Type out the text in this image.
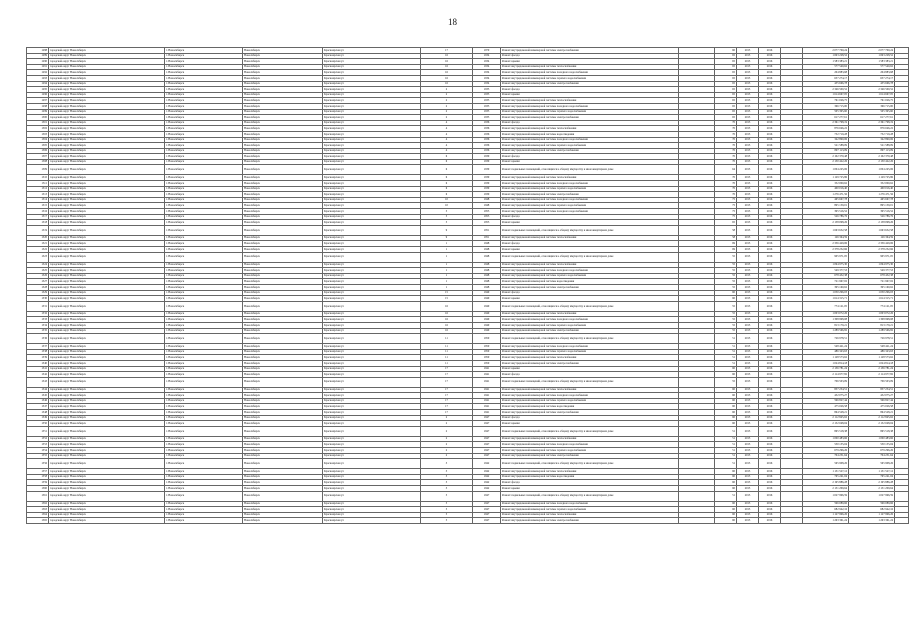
18
1288	городской округ Новосибирск	г. Новосибирск	Новосибирск	Красноярская ул	17	1970	Ремонт внутридомовой инженерной системы электроснабжения		60	2015	2016		2 077 700,24	2 077 700,24	
1289	городской округ Новосибирск	г. Новосибирск	Новосибирск	Красноярская ул	16	1934	Ремонт фасада		65	2015	2016		1 693 228,52	1 693 228,52	
1290	городской округ Новосибирск	г. Новосибирск	Новосибирск	Красноярская ул	16	1934	Ремонт крыши		65	2015	2016		1 583 383,21	1 583 383,21	
1291	городской округ Новосибирск	г. Новосибирск	Новосибирск	Красноярская ул	16	1934	Ремонт внутридомовой инженерной системы теплоснабжения		65	2015	2016		577 540,62	577 540,62	
1292	городской округ Новосибирск	г. Новосибирск	Новосибирск	Красноярская ул	16	1934	Ремонт внутридомовой инженерной системы холодного водоснабжения		65	2015	2016		204 883,68	204 883,68	
1293	городской округ Новосибирск	г. Новосибирск	Новосибирск	Красноярская ул	16	1934	Ремонт внутридомовой инженерной системы горячего водоснабжения		65	2015	2016		657 274,17	657 274,17	
1294	городской округ Новосибирск	г. Новосибирск	Новосибирск	Красноярская ул	16	1934	Ремонт внутридомовой инженерной системы электроснабжения		65	2015	2016		455 666,78	455 666,78	
1295	городской округ Новосибирск	г. Новосибирск	Новосибирск	Красноярская ул	2	1935	Ремонт фасада		65	2015	2016		2 346 500,52	2 346 500,52	
1296	городской округ Новосибирск	г. Новосибирск	Новосибирск	Красноярская ул	2	1935	Ремонт крыши		65	2015	2016		1 614 667,05	1 614 667,05	
1297	городской округ Новосибирск	г. Новосибирск	Новосибирск	Красноярская ул	2	1935	Ремонт внутридомовой инженерной системы теплоснабжения		65	2015	2016		761 026,75	761 026,75	
1298	городской округ Новосибирск	г. Новосибирск	Новосибирск	Красноярская ул	2	1935	Ремонт внутридомовой инженерной системы холодного водоснабжения		65	2015	2016		366 715,00	366 715,00	
1299	городской округ Новосибирск	г. Новосибирск	Новосибирск	Красноярская ул	2	1935	Ремонт внутридомовой инженерной системы горячего водоснабжения		65	2015	2016		505 395,60	505 395,60	
1300	городской округ Новосибирск	г. Новосибирск	Новосибирск	Красноярская ул	2	1935	Ремонт внутридомовой инженерной системы электроснабжения		65	2015	2016		617 277,61	617 277,61	
1301	городской округ Новосибирск	г. Новосибирск	Новосибирск	Красноярская ул	4	1936	Ремонт фасада		70	2015	2016		2 361 798,19	2 361 798,19	
1302	городской округ Новосибирск	г. Новосибирск	Новосибирск	Красноярская ул	4	1936	Ремонт внутридомовой инженерной системы теплоснабжения		70	2015	2016		876 046,22	876 046,22	
1303	городской округ Новосибирск	г. Новосибирск	Новосибирск	Красноярская ул	4	1936	Ремонт внутридомовой инженерной системы водоотведения		70	2015	2016		752 719,28	752 719,28	
1304	городской округ Новосибирск	г. Новосибирск	Новосибирск	Красноярская ул	4	1936	Ремонт внутридомовой инженерной системы холодного водоснабжения		70	2015	2016		342 890,06	342 890,06	
1305	городской округ Новосибирск	г. Новосибирск	Новосибирск	Красноярская ул	4	1936	Ремонт внутридомовой инженерной системы горячего водоснабжения		70	2015	2016		521 588,09	521 588,09	
1306	городской округ Новосибирск	г. Новосибирск	Новосибирск	Красноярская ул	4	1936	Ремонт внутридомовой инженерной системы электроснабжения		70	2015	2016		897 113,09	897 113,09	
1307	городской округ Новосибирск	г. Новосибирск	Новосибирск	Красноярская ул	6	1939	Ремонт фасада		70	2015	2016		2 102 370,48	2 102 370,48	
1308	городской округ Новосибирск	г. Новосибирск	Новосибирск	Красноярская ул	6	1939	Ремонт крыши		70	2015	2016		2 130 422,26	2 130 422,26	
1309	городской округ Новосибирск	г. Новосибирск	Новосибирск	Красноярская ул	6	1939	Ремонт подвальных помещений, относящихся к общему имуществу в многоквартирном доме		64	2015	2016		1 004 245,06	1 004 245,06	
1310	городской округ Новосибирск	г. Новосибирск	Новосибирск	Красноярская ул	6	1939	Ремонт внутридомовой инженерной системы теплоснабжения		70	2015	2016		1 129 725,86	1 129 725,86	
1311	городской округ Новосибирск	г. Новосибирск	Новосибирск	Красноярская ул	6	1939	Ремонт внутридомовой инженерной системы холодного водоснабжения		70	2015	2016		352 000,62	352 000,62	
1312	городской округ Новосибирск	г. Новосибирск	Новосибирск	Красноярская ул	6	1939	Ремонт внутридомовой инженерной системы горячего водоснабжения		70	2015	2016		400 016,40	400 016,40	
1313	городской округ Новосибирск	г. Новосибирск	Новосибирск	Красноярская ул	6	1939	Ремонт внутридомовой инженерной системы электроснабжения		70	2015	2016		1 276 471,56	1 276 471,56	
1314	городской округ Новосибирск	г. Новосибирск	Новосибирск	Красноярская ул	10	1948	Ремонт внутридомовой инженерной системы холодного водоснабжения		75	2015	2016		465 667,78	465 667,78	
1315	городской округ Новосибирск	г. Новосибирск	Новосибирск	Красноярская ул	10	1948	Ремонт внутридомовой инженерной системы горячего водоснабжения		75	2015	2016		895 159,01	895 159,01	
1316	городской округ Новосибирск	г. Новосибирск	Новосибирск	Красноярская ул	5	1955	Ремонт внутридомовой инженерной системы холодного водоснабжения		75	2015	2016		395 516,52	395 516,52	
1317	городской округ Новосибирск	г. Новосибирск	Новосибирск	Красноярская ул	5	1955	Ремонт фасада		75	2015	2016		526 786,76	526 786,76	
1318	городской округ Новосибирск	г. Новосибирск	Новосибирск	Красноярская ул	5	1955	Ремонт крыши		65	2015	2016		2 158 098,26	2 158 098,26	
1319	городской округ Новосибирск	г. Новосибирск	Новосибирск	Красноярская ул	9	1951	Ремонт подвальных помещений, относящихся к общему имуществу в многоквартирном доме		58	2015	2016		1 663 632,58	1 663 632,58	
1320	городской округ Новосибирск	г. Новосибирск	Новосибирск	Красноярская ул	9	1951	Ремонт внутридомовой инженерной системы теплоснабжения		58	2015	2016		126 364,59	126 364,59	
1321	городской округ Новосибирск	г. Новосибирск	Новосибирск	Красноярская ул	1	1948	Ремонт фасада		69	2015	2016		2 356 429,06	2 356 429,06	
1322	городской округ Новосибирск	г. Новосибирск	Новосибирск	Красноярская ул	1	1948	Ремонт крыши		69	2015	2016		2 378 232,66	2 378 232,66	
1323	городской округ Новосибирск	г. Новосибирск	Новосибирск	Красноярская ул	1	1948	Ремонт подвальных помещений, относящихся к общему имуществу в многоквартирном доме		55	2015	2016		905 971,05	905 971,05	
1324	городской округ Новосибирск	г. Новосибирск	Новосибирск	Красноярская ул	1	1948	Ремонт внутридомовой инженерной системы теплоснабжения		55	2015	2016		1 094 975,30	1 094 975,30	
1325	городской округ Новосибирск	г. Новосибирск	Новосибирск	Красноярская ул	1	1948	Ремонт внутридомовой инженерной системы холодного водоснабжения		55	2015	2016		549 377,53	549 377,53	
1326	городской округ Новосибирск	г. Новосибирск	Новосибирск	Красноярская ул	1	1948	Ремонт внутридомовой инженерной системы горячего водоснабжения		55	2015	2016		678 432,38	678 432,38	
1327	городской округ Новосибирск	г. Новосибирск	Новосибирск	Красноярская ул	1	1948	Ремонт внутридомовой инженерной системы водоотведения		55	2015	2016		721 967,02	721 967,02	
1328	городской округ Новосибирск	г. Новосибирск	Новосибирск	Красноярская ул	1	1948	Ремонт внутридомовой инженерной системы электроснабжения		55	2015	2016		395 160,62	395 160,62	
1329	городской округ Новосибирск	г. Новосибирск	Новосибирск	Красноярская ул	15	1949	Ремонт фасада		60	2015	2016		1 050 296,03	1 050 296,03	
1330	городской округ Новосибирск	г. Новосибирск	Новосибирск	Красноярская ул	15	1949	Ремонт крыши		60	2015	2016		1 614 315,71	1 614 315,71	
1331	городской округ Новосибирск	г. Новосибирск	Новосибирск	Красноярская ул	16	1949	Ремонт подвальных помещений, относящихся к общему имуществу в многоквартирном доме		55	2015	2016		774 121,05	774 121,05	
1332	городской округ Новосибирск	г. Новосибирск	Новосибирск	Красноярская ул	16	1949	Ремонт внутридомовой инженерной системы теплоснабжения		55	2015	2016		1 003 072,26	1 003 072,26	
1333	городской округ Новосибирск	г. Новосибирск	Новосибирск	Красноярская ул	16	1949	Ремонт внутридомовой инженерной системы холодного водоснабжения		55	2015	2016		1 308 998,08	1 308 998,08	
1334	городской округ Новосибирск	г. Новосибирск	Новосибирск	Красноярская ул	16	1949	Ремонт внутридомовой инженерной системы горячего водоснабжения		55	2015	2016		813 179,21	813 179,21	
1335	городской округ Новосибирск	г. Новосибирск	Новосибирск	Красноярская ул	16	1949	Ремонт внутридомовой инженерной системы электроснабжения		55	2015	2016		1 289 566,82	1 289 566,82	
1336	городской округ Новосибирск	г. Новосибирск	Новосибирск	Красноярская ул	11	1950	Ремонт подвальных помещений, относящихся к общему имуществу в многоквартирном доме		51	2015	2016		726 978,51	726 978,51	
1337	городской округ Новосибирск	г. Новосибирск	Новосибирск	Красноярская ул	11	1950	Ремонт внутридомовой инженерной системы холодного водоснабжения		51	2015	2016		548 421,24	548 421,24	
1338	городской округ Новосибирск	г. Новосибирск	Новосибирск	Красноярская ул	11	1950	Ремонт внутридомовой инженерной системы горячего водоснабжения		51	2015	2016		486 343,63	486 343,63	
1339	городской округ Новосибирск	г. Новосибирск	Новосибирск	Красноярская ул	11	1950	Ремонт внутридомовой инженерной системы теплоснабжения		51	2015	2016		1 128 573,62	1 128 573,62	
1340	городской округ Новосибирск	г. Новосибирск	Новосибирск	Красноярская ул	11	1950	Ремонт внутридомовой инженерной системы электроснабжения		51	2015	2016		1 024 814,18	1 024 814,18	
1341	городской округ Новосибирск	г. Новосибирск	Новосибирск	Красноярская ул	17	1941	Ремонт крыши		60	2015	2016		2 136 781,24	2 136 781,24	
1342	городской округ Новосибирск	г. Новосибирск	Новосибирск	Красноярская ул	17	1941	Ремонт фасада		60	2015	2016		2 114 977,82	2 114 977,82	
1343	городской округ Новосибирск	г. Новосибирск	Новосибирск	Красноярская ул	17	1941	Ремонт подвальных помещений, относящихся к общему имуществу в многоквартирном доме		55	2015	2016		706 503,09	706 503,09	
1344	городской округ Новосибирск	г. Новосибирск	Новосибирск	Красноярская ул	17	1941	Ремонт внутридомовой инженерной системы теплоснабжения		60	2015	2016		857 254,51	857 254,51	
1345	городской округ Новосибирск	г. Новосибирск	Новосибирск	Красноярская ул	17	1941	Ремонт внутридомовой инженерной системы холодного водоснабжения		60	2015	2016		452 075,27	452 075,27	
1346	городской округ Новосибирск	г. Новосибирск	Новосибирск	Красноярская ул	17	1941	Ремонт внутридомовой инженерной системы горячего водоснабжения		60	2015	2016		596 827,44	596 827,44	
1347	городской округ Новосибирск	г. Новосибирск	Новосибирск	Красноярская ул	17	1941	Ремонт внутридомовой инженерной системы водоотведения		60	2015	2016		475 026,58	475 026,58	
1348	городской округ Новосибирск	г. Новосибирск	Новосибирск	Красноярская ул	17	1941	Ремонт внутридомовой инженерной системы электроснабжения		60	2015	2016		864 528,21	864 528,21	
1349	городской округ Новосибирск	г. Новосибирск	Новосибирск	Красноярская ул	2	1947	Ремонт фасада		60	2015	2016		2 112 845,62	2 112 845,62	
1350	городской округ Новосибирск	г. Новосибирск	Новосибирск	Красноярская ул	2	1947	Ремонт крыши		60	2015	2016		2 152 048,04	2 152 048,04	
1351	городской округ Новосибирск	г. Новосибирск	Новосибирск	Красноярская ул	2	1947	Ремонт подвальных помещений, относящихся к общему имуществу в многоквартирном доме		51	2015	2016		865 518,38	865 518,38	
1352	городской округ Новосибирск	г. Новосибирск	Новосибирск	Красноярская ул	2	1947	Ремонт внутридомовой инженерной системы теплоснабжения		51	2015	2016		1 000 483,66	1 000 483,66	
1353	городской округ Новосибирск	г. Новосибирск	Новосибирск	Красноярская ул	2	1947	Ремонт внутридомовой инженерной системы холодного водоснабжения		51	2015	2016		530 135,04	530 135,04	
1354	городской округ Новосибирск	г. Новосибирск	Новосибирск	Красноярская ул	2	1947	Ремонт внутридомовой инженерной системы горячего водоснабжения		51	2015	2016		679 296,26	679 296,26	
1355	городской округ Новосибирск	г. Новосибирск	Новосибирск	Красноярская ул	2	1947	Ремонт внутридомовой инженерной системы электроснабжения		51	2015	2016		704 231,64	704 231,64	
1356	городской округ Новосибирск	г. Новосибирск	Новосибирск	Красноярская ул	3	1942	Ремонт подвальных помещений, относящихся к общему имуществу в многоквартирном доме		51	2015	2016		565 908,26	565 908,26	
1357	городской округ Новосибирск	г. Новосибирск	Новосибирск	Красноярская ул	3	1942	Ремонт внутридомовой инженерной системы теплоснабжения		60	2015	2016		1 131 527,12	1 131 527,12	
1358	городской округ Новосибирск	г. Новосибирск	Новосибирск	Красноярская ул	3	1942	Ремонт внутридомовой инженерной системы водоотведения		60	2015	2016		765 241,04	765 241,04	
1359	городской округ Новосибирск	г. Новосибирск	Новосибирск	Красноярская ул	3	1942	Ремонт фасада		60	2015	2016		2 195 886,28	2 195 886,28	
1360	городской округ Новосибирск	г. Новосибирск	Новосибирск	Красноярская ул	3	1942	Ремонт крыши		60	2015	2016		2 131 209,64	2 131 209,64	
1361	городской округ Новосибирск	г. Новосибирск	Новосибирск	Красноярская ул	5	1947	Ремонт подвальных помещений, относящихся к общему имуществу в многоквартирном доме		51	2015	2016		1 027 996,59	1 027 996,59	
1362	городской округ Новосибирск	г. Новосибирск	Новосибирск	Красноярская ул	5	1947	Ремонт внутридомовой инженерной системы холодного водоснабжения		60	2015	2016		596 089,66	596 089,66	
1363	городской округ Новосибирск	г. Новосибирск	Новосибирск	Красноярская ул	5	1947	Ремонт внутридомовой инженерной системы горячего водоснабжения		60	2015	2016		682 942,16	682 942,16	
1364	городской округ Новосибирск	г. Новосибирск	Новосибирск	Красноярская ул	5	1947	Ремонт внутридомовой инженерной системы теплоснабжения		60	2015	2016		1 127 996,26	1 127 996,26	
1365	городской округ Новосибирск	г. Новосибирск	Новосибирск	Красноярская ул	5	1947	Ремонт внутридомовой инженерной системы электроснабжения		60	2015	2016		1 263 361,24	1 263 361,24	
